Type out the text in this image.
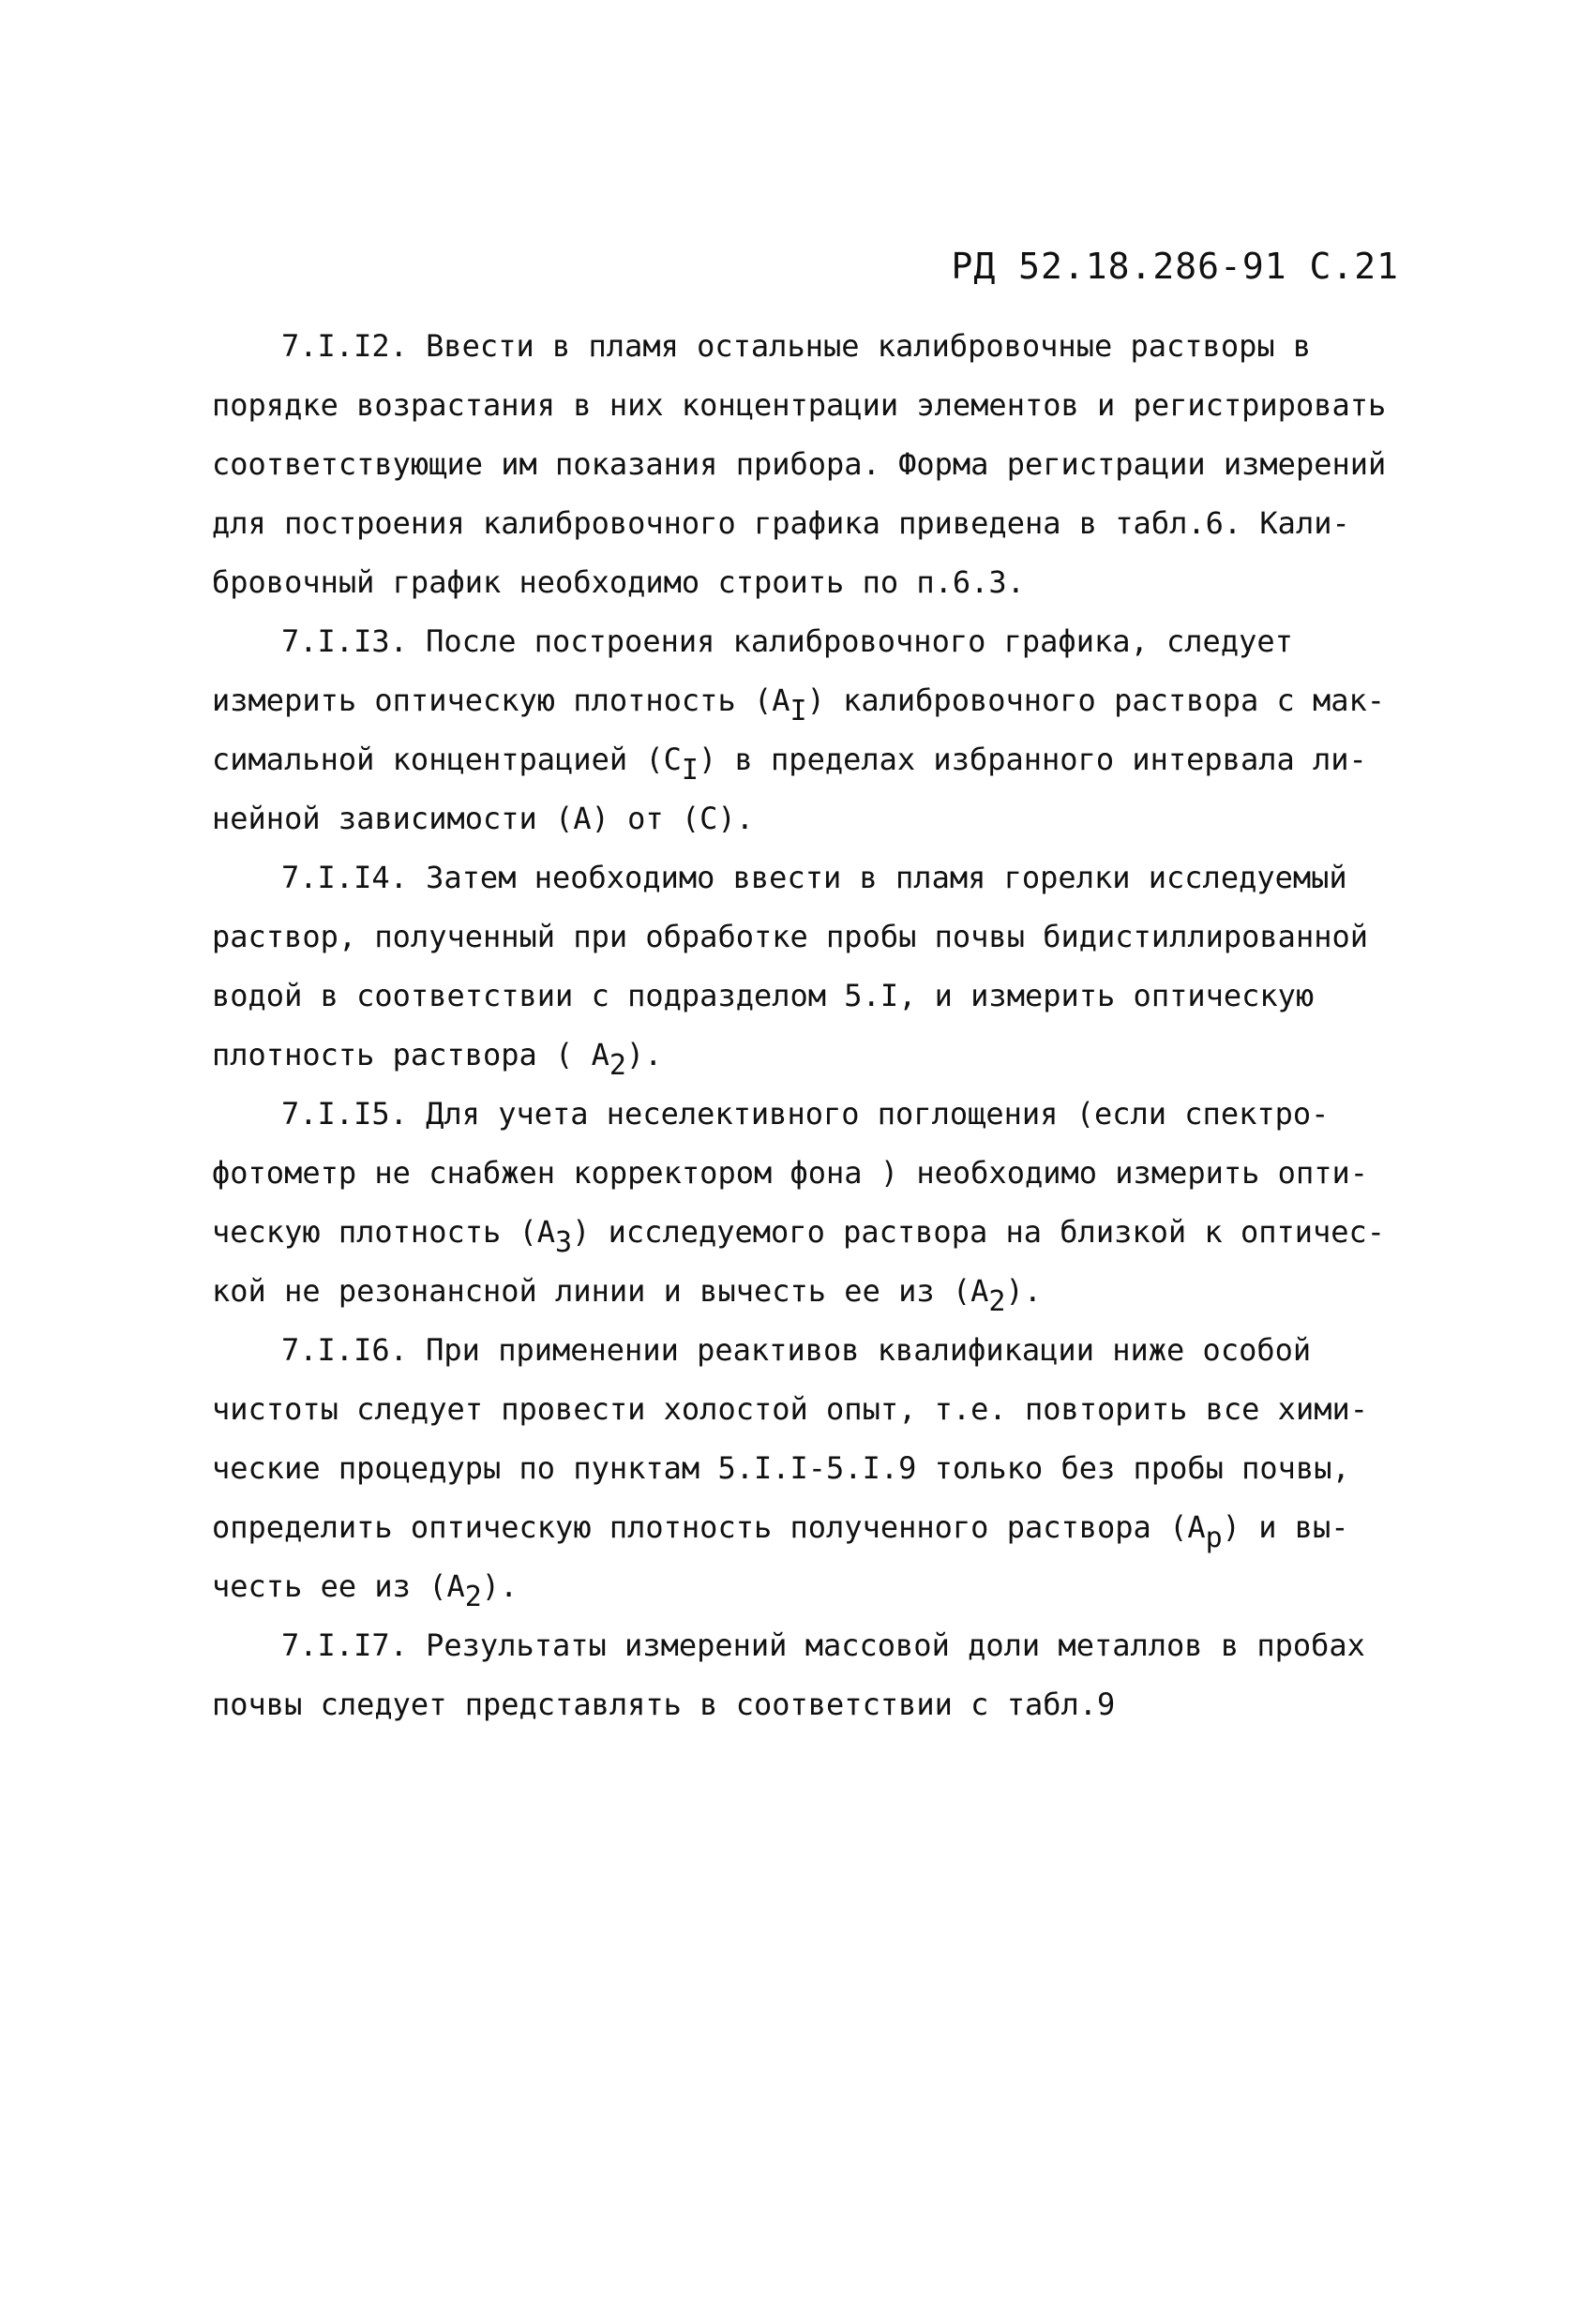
РД 52.18.286-91 С.21
7.I.I2. Ввести в пламя остальные калибровочные растворы в
порядке возрастания в них концентрации элементов и регистрировать
соответствующие им показания прибора. Форма регистрации измерений
для построения калибровочного графика приведена в табл.6. Кали-
бровочный график необходимо строить по п.6.3.
7.I.I3. После построения калибровочного графика, следует
измерить оптическую плотность (АI) калибровочного раствора с мак-
симальной концентрацией (СI) в пределах избранного интервала ли-
нейной зависимости (А) от (С).
7.I.I4. Затем необходимо ввести в пламя горелки исследуемый
раствор, полученный при обработке пробы почвы бидистиллированной
водой в соответствии с подразделом 5.I, и измерить оптическую
плотность раствора ( А2).
7.I.I5. Для учета неселективного поглощения (если спектро-
фотометр не снабжен корректором фона ) необходимо измерить опти-
ческую плотность (А3) исследуемого раствора на близкой к оптичес-
кой не резонансной линии и вычесть ее из (А2).
7.I.I6. При применении реактивов квалификации ниже особой
чистоты следует провести холостой опыт, т.е. повторить все хими-
ческие процедуры по пунктам 5.I.I-5.I.9 только без пробы почвы,
определить оптическую плотность полученного раствора (Ар) и вы-
честь ее из (А2).
7.I.I7. Результаты измерений массовой доли металлов в пробах
почвы следует представлять в соответствии с табл.9
